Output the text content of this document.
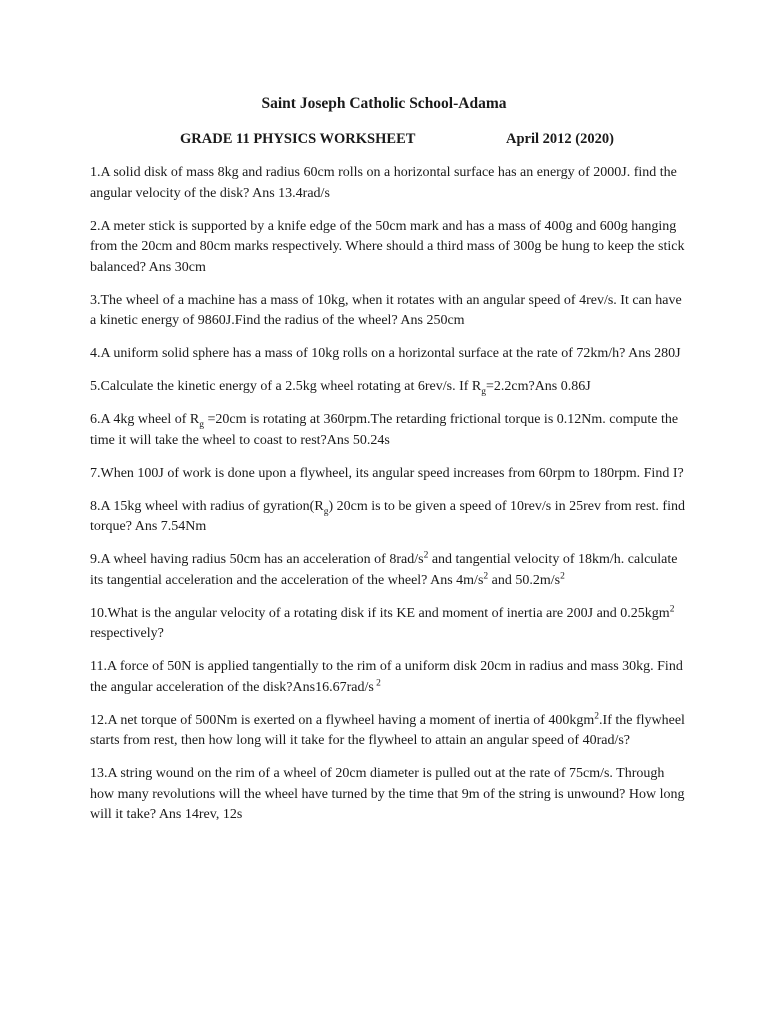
Saint Joseph Catholic School-Adama
GRADE 11 PHYSICS WORKSHEET	April 2012 (2020)

1.A solid disk of mass 8kg and radius 60cm rolls on a horizontal surface has an energy of 2000J. find the angular velocity of the disk? Ans 13.4rad/s

2.A meter stick is supported by a knife edge of the 50cm mark and has a mass of 400g and 600g hanging from the 20cm and 80cm marks respectively. Where should a third mass of 300g be hung to keep the stick balanced? Ans 30cm

3.The wheel of a machine has a mass of 10kg, when it rotates with an angular speed of 4rev/s. It can have a kinetic energy of 9860J.Find the radius of the wheel? Ans 250cm

4.A uniform solid sphere has a mass of 10kg rolls on a horizontal surface at the rate of 72km/h? Ans 280J

5.Calculate the kinetic energy of a 2.5kg wheel rotating at 6rev/s. If $R_g=2.2cm?Ans$ 0.86J

6.A 4kg wheel of $R_g =20cm$ is rotating at 360rpm.The retarding frictional torque is 0.12Nm. compute the time it will take the wheel to coast to rest?Ans 50.24s

7.When 100J of work is done upon a flywheel, its angular speed increases from 60rpm to 180rpm. Find I?

8.A 15kg wheel with radius of $gyration(R_g)$ 20cm is to be given a speed of 10rev/s in 25rev from rest. find torque? Ans 7.54Nm

9.A wheel having radius 50cm has an acceleration of $8rad/s^2$ and tangential velocity of 18km/h. calculate its tangential acceleration and the acceleration of the wheel? Ans $4m/s^2$ and $50.2m/s^2$

10.What is the angular velocity of a rotating disk if its KE and moment of inertia are 200J and 0.25kgm$^2$ respectively?

11.A force of 50N is applied tangentially to the rim of a uniform disk 20cm in radius and mass 30kg. Find the angular acceleration of the disk?Ans16.67rad/s $^2$

12.A net torque of 500Nm is exerted on a flywheel having a moment of inertia of 400kgm$^2$.If the flywheel starts from rest, then how long will it take for the flywheel to attain an angular speed of 40rad/s?

13.A string wound on the rim of a wheel of 20cm diameter is pulled out at the rate of 75cm/s. Through how many revolutions will the wheel have turned by the time that 9m of the string is unwound? How long will it take? Ans 14rev, 12s
